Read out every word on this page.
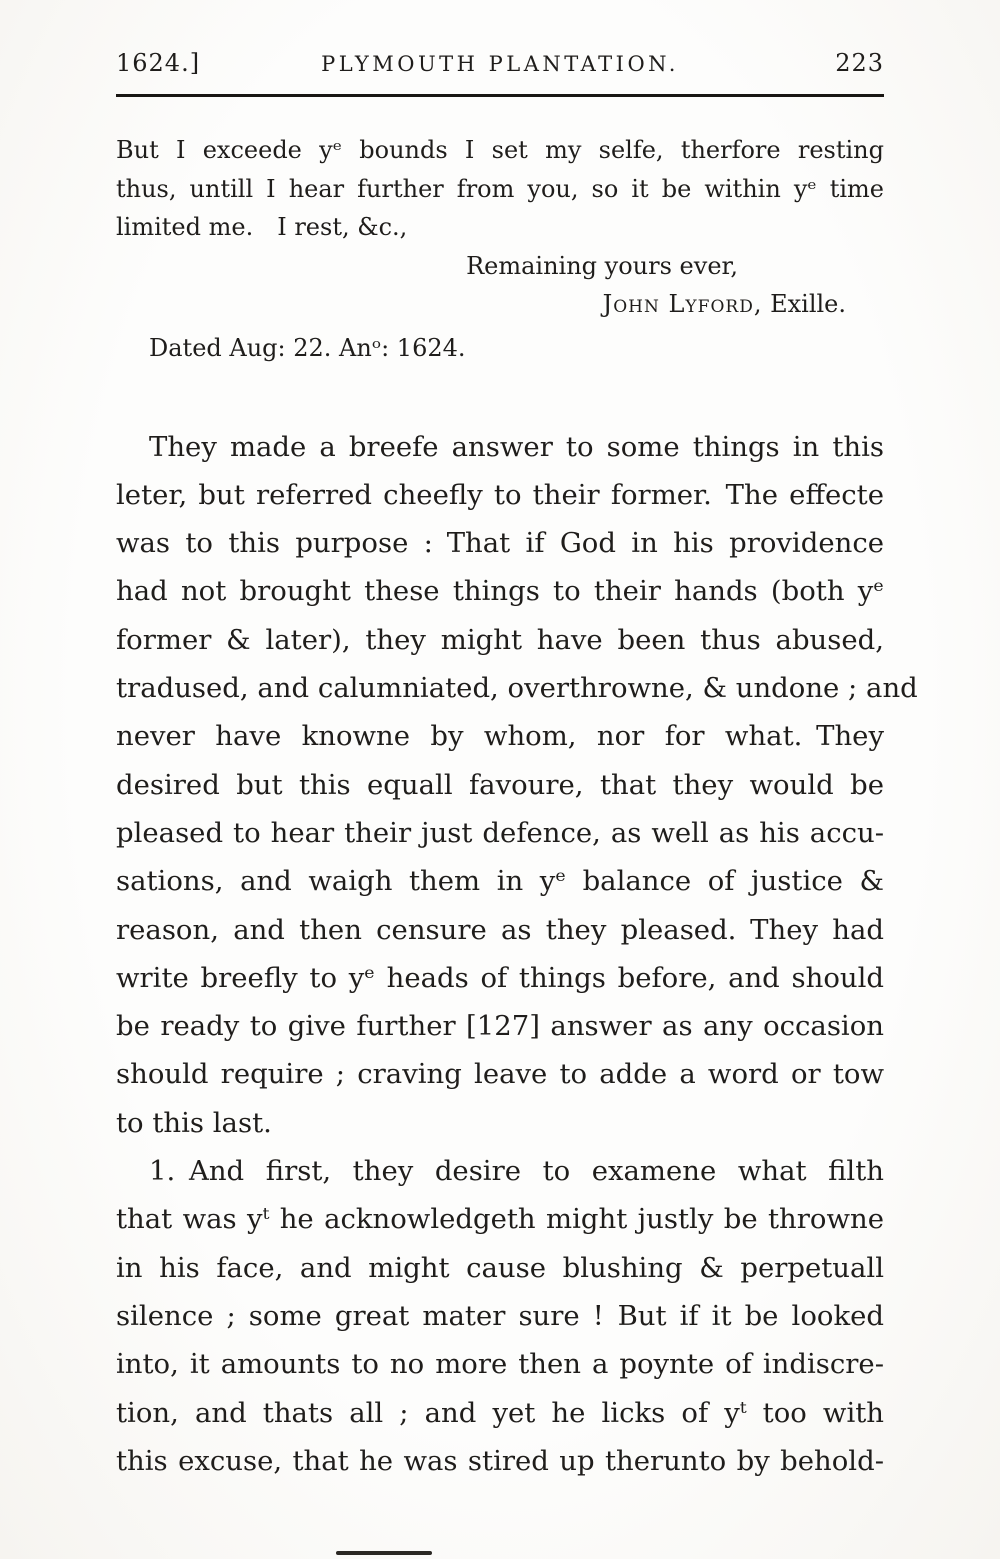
1624.]	PLYMOUTH PLANTATION.	223
But I exceede yᵉ bounds I set my selfe, therfore resting
thus, untill I hear further from you, so it be within yᵉ time
limited me. I rest, &c.,
Remaining yours ever,
John Lyford, Exille.
Dated Aug: 22. Anᵒ: 1624.
They made a breefe answer to some things in this
leter, but referred cheefly to their former. The effecte
was to this purpose : That if God in his providence
had not brought these things to their hands (both yᵉ
former & later), they might have been thus abused,
tradused, and calumniated, overthrowne, & undone ; and
never have knowne by whom, nor for what. They
desired but this equall favoure, that they would be
pleased to hear their just defence, as well as his accu-
sations, and waigh them in yᵉ balance of justice &
reason, and then censure as they pleased. They had
write breefly to yᵉ heads of things before, and should
be ready to give further [127] answer as any occasion
should require ; craving leave to adde a word or tow
to this last.
1. And first, they desire to examene what filth
that was yᵗ he acknowledgeth might justly be throwne
in his face, and might cause blushing & perpetuall
silence ; some great mater sure ! But if it be looked
into, it amounts to no more then a poynte of indiscre-
tion, and thats all ; and yet he licks of yᵗ too with
this excuse, that he was stired up therunto by behold-
